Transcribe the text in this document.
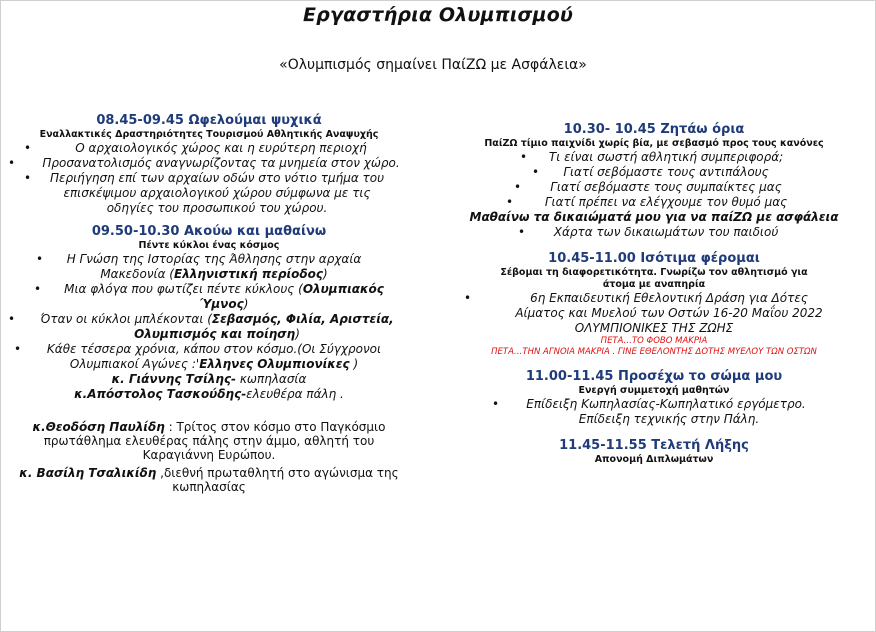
Εργαστήρια Ολυμπισμού
«Ολυμπισμός σημαίνει ΠαίΖΩ με Ασφάλεια»
08.45-09.45 Ωφελούμαι ψυχικά
Εναλλακτικές Δραστηριότητες Τουρισμού Αθλητικής Αναψυχής
•	Ο αρχαιολογικός χώρος και η ευρύτερη περιοχή
• Προσανατολισμός αναγνωρίζοντας τα μνημεία στον χώρο.
• Περιήγηση επί των αρχαίων οδών στο νότιο τμήμα του επισκέψιμου αρχαιολογικού χώρου σύμφωνα με τις οδηγίες του προσωπικού του χώρου.
09.50-10.30 Ακούω και μαθαίνω
Πέντε κύκλοι ένας κόσμος
• Η Γνώση της Ιστορίας της Άθλησης στην αρχαία Μακεδονία (Ελληνιστική περίοδος)
• Μια φλόγα που φωτίζει πέντε κύκλους (Ολυμπιακός Ύμνος)
• Όταν οι κύκλοι μπλέκονται (Σεβασμός, Φιλία, Αριστεία, Ολυμπισμός και ποίηση)
• Κάθε τέσσερα χρόνια, κάπου στον κόσμο.(Οι Σύγχρονοι Ολυμπιακοί Αγώνες :'Ελληνες Ολυμπιονίκες )
κ. Γιάννης Τσίλης- κωπηλασία
κ.Απόστολος Τασκούδης-ελευθέρα πάλη .
κ.Θεοδόση Παυλίδη : Τρίτος στον κόσμο στο Παγκόσμιο πρωτάθλημα ελευθέρας πάλης στην άμμο, αθλητή του Καραγιάννη Ευρώπου.
κ. Βασίλη Τσαλικίδη ,διεθνή πρωταθλητή στο αγώνισμα της κωπηλασίας
10.30- 10.45 Ζητάω όρια
ΠαίΖΩ τίμιο παιχνίδι χωρίς βία, με σεβασμό προς τους κανόνες
• Τι είναι σωστή αθλητική συμπεριφορά;
• Γιατί σεβόμαστε τους αντιπάλους
• Γιατί σεβόμαστε τους συμπαίκτες μας
•	Γιατί πρέπει να ελέγχουμε τον θυμό μας
Μαθαίνω τα δικαιώματά μου για να παίΖΩ με ασφάλεια
• Χάρτα των δικαιωμάτων του παιδιού
10.45-11.00 Ισότιμα φέρομαι
Σέβομαι τη διαφορετικότητα. Γνωρίζω τον αθλητισμό για άτομα με αναπηρία
•	6η Εκπαιδευτική Εθελοντική Δράση για Δότες Αίματος και Μυελού των Οστών 16-20 Μαΐου 2022
ΟΛΥΜΠΙΟΝΙΚΕΣ ΤΗΣ ΖΩΗΣ
ΠΕΤΑ…ΤΟ ΦΟΒΟ ΜΑΚΡΙΑ
ΠΕΤΑ…ΤΗΝ ΑΓΝΟΙΑ ΜΑΚΡΙΑ . ΓΙΝΕ ΕΘΕΛΟΝΤΗΣ ΔΟΤΗΣ ΜΥΕΛΟΥ ΤΩΝ ΟΣΤΩΝ
11.00-11.45 Προσέχω το σώμα μου
Ενεργή συμμετοχή μαθητών
• Επίδειξη Κωπηλασίας-Κωπηλατικό εργόμετρο.
Επίδειξη τεχνικής στην Πάλη.
11.45-11.55 Τελετή Λήξης
Απονομή Διπλωμάτων
